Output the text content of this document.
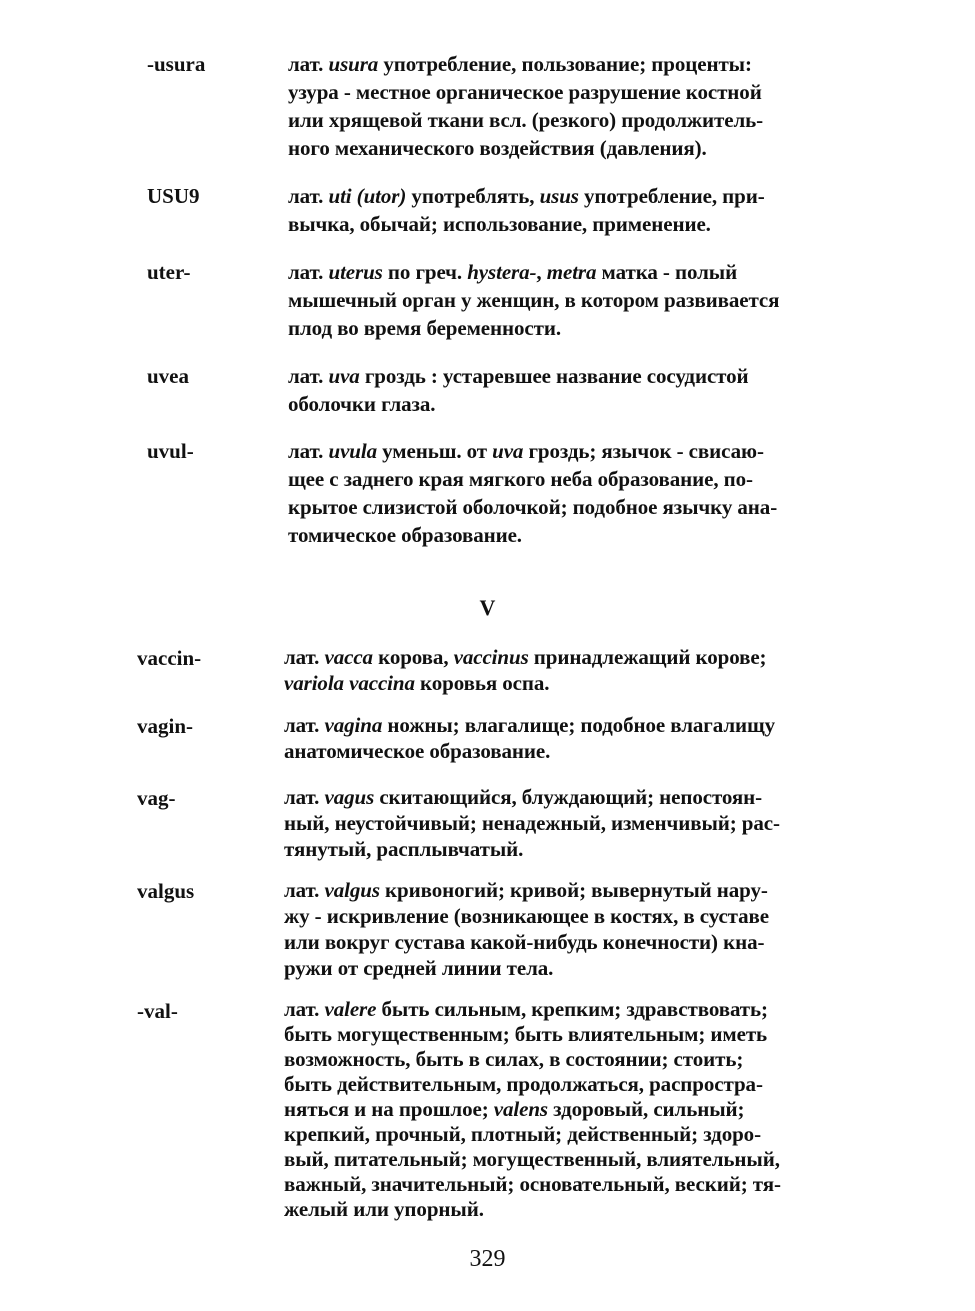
-usura	лат. usura употребление, пользование; проценты:
узура - местное органическое разрушение костной
или хрящевой ткани всл. (резкого) продолжитель-
ного механического воздействия (давления).
USU9	лат. uti (utor) употреблять, usus употребление, при-
вычка, обычай; использование, применение.
uter-	лат. uterus по греч. hystera-, metra матка - полый
мышечный орган у женщин, в котором развивается
плод во время беременности.
uvea	лат. uva гроздь : устаревшее название сосудистой
оболочки глаза.
uvul-	лат. uvula уменьш. от uva гроздь; язычок - свисаю-
щее с заднего края мягкого неба образование, по-
крытое слизистой оболочкой; подобное язычку ана-
томическое образование.
vaccin-	лат. vacca корова, vaccinus принадлежащий корове;
variola vaccina коровья оспа.
vagin-	лат. vagina ножны; влагалище; подобное влагалищу
анатомическое образование.
vag-	лат. vagus скитающийся, блуждающий; непостоян-
ный, неустойчивый; ненадежный, изменчивый; рас-
тянутый, расплывчатый.
valgus	лат. valgus кривоногий; кривой; вывернутый нару-
жу - искривление (возникающее в костях, в суставе
или вокруг сустава какой-нибудь конечности) кна-
ружи от средней линии тела.
-val-	лат. valere быть сильным, крепким; здравствовать;
быть могущественным; быть влиятельным; иметь
возможность, быть в силах, в состоянии; стоить;
быть действительным, продолжаться, распростра-
няться и на прошлое; valens здоровый, сильный;
крепкий, прочный, плотный; действенный; здоро-
вый, питательный; могущественный, влиятельный,
важный, значительный; основательный, веский; тя-
желый или упорный.
V
329
